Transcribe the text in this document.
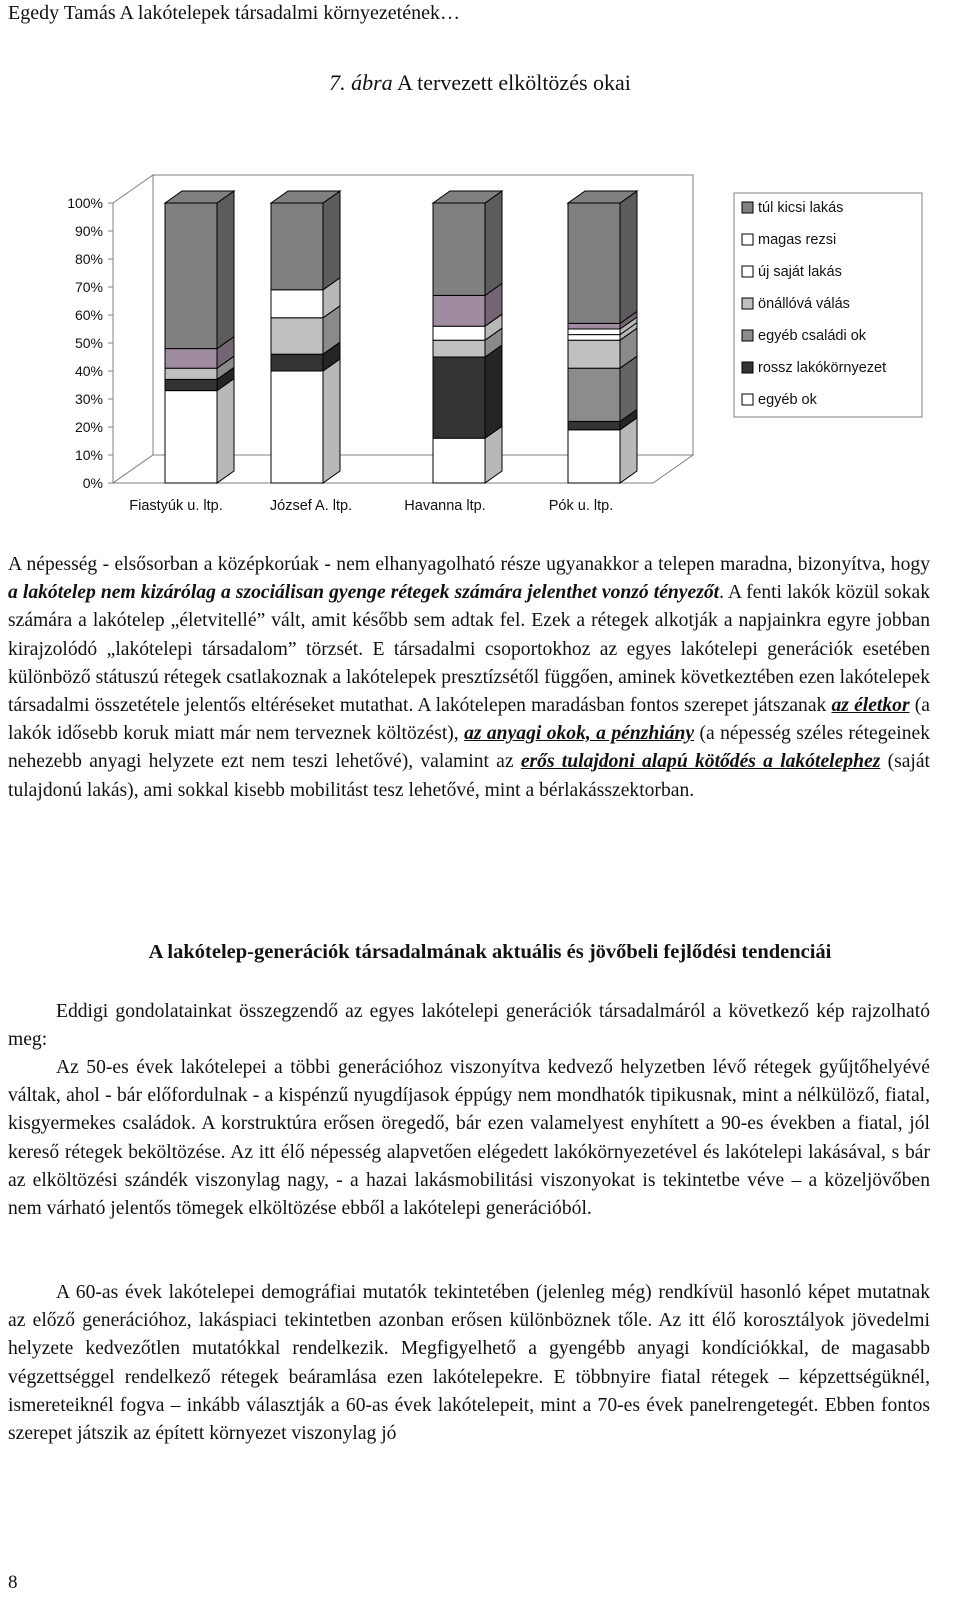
Egedy Tamás A lakótelepek társadalmi környezetének…
7. ábra A tervezett elköltözés okai
0%
10%
20%
30%
40%
50%
60%
70%
80%
90%
100%
Fiastyúk u. ltp.	József A. ltp.	Havanna ltp.	Pók u. ltp.
túl kicsi lakás
magas rezsi
új saját lakás
önállóvá válás
egyéb családi ok
rossz lakókörnyezet
egyéb ok

A népesség - elsősorban a középkorúak - nem elhanyagolható része ugyanakkor a telepen maradna, bizonyítva, hogy a lakótelep nem kizárólag a szociálisan gyenge rétegek számára jelenthet vonzó tényezőt. A fenti lakók közül sokak számára a lakótelep „életvitellé” vált, amit később sem adtak fel. Ezek a rétegek alkotják a napjainkra egyre jobban kirajzolódó „lakótelepi társadalom” törzsét. E társadalmi csoportokhoz az egyes lakótelepi generációk esetében különböző státuszú rétegek csatlakoznak a lakótelepek presztízsétől függően, aminek következtében ezen lakótelepek társadalmi összetétele jelentős eltéréseket mutathat. A lakótelepen maradásban fontos szerepet játszanak az életkor (a lakók idősebb koruk miatt már nem terveznek költözést), az anyagi okok, a pénzhiány (a népesség széles rétegeinek nehezebb anyagi helyzete ezt nem teszi lehetővé), valamint az erős tulajdoni alapú kötődés a lakótelephez (saját tulajdonú lakás), ami sokkal kisebb mobilitást tesz lehetővé, mint a bérlakásszektorban.

A lakótelep-generációk társadalmának aktuális és jövőbeli fejlődési tendenciái

Eddigi gondolatainkat összegzendő az egyes lakótelepi generációk társadalmáról a következő kép rajzolható meg:

Az 50-es évek lakótelepei a többi generációhoz viszonyítva kedvező helyzetben lévő rétegek gyűjtőhelyévé váltak, ahol - bár előfordulnak - a kispénzű nyugdíjasok éppúgy nem mondhatók tipikusnak, mint a nélkülöző, fiatal, kisgyermekes családok. A korstruktúra erősen öregedő, bár ezen valamelyest enyhített a 90-es években a fiatal, jól kereső rétegek beköltözése. Az itt élő népesség alapvetően elégedett lakókörnyezetével és lakótelepi lakásával, s bár az elköltözési szándék viszonylag nagy, - a hazai lakásmobilitási viszonyokat is tekintetbe véve – a közeljövőben nem várható jelentős tömegek elköltözése ebből a lakótelepi generációból.

A 60-as évek lakótelepei demográfiai mutatók tekintetében (jelenleg még) rendkívül hasonló képet mutatnak az előző generációhoz, lakáspiaci tekintetben azonban erősen különböznek tőle. Az itt élő korosztályok jövedelmi helyzete kedvezőtlen mutatókkal rendelkezik. Megfigyelhető a gyengébb anyagi kondíciókkal, de magasabb végzettséggel rendelkező rétegek beáramlása ezen lakótelepekre. E többnyire fiatal rétegek – képzettségüknél, ismereteiknél fogva – inkább választják a 60-as évek lakótelepeit, mint a 70-es évek panelrengetegét. Ebben fontos szerepet játszik az épített környezet viszonylag jó

8
